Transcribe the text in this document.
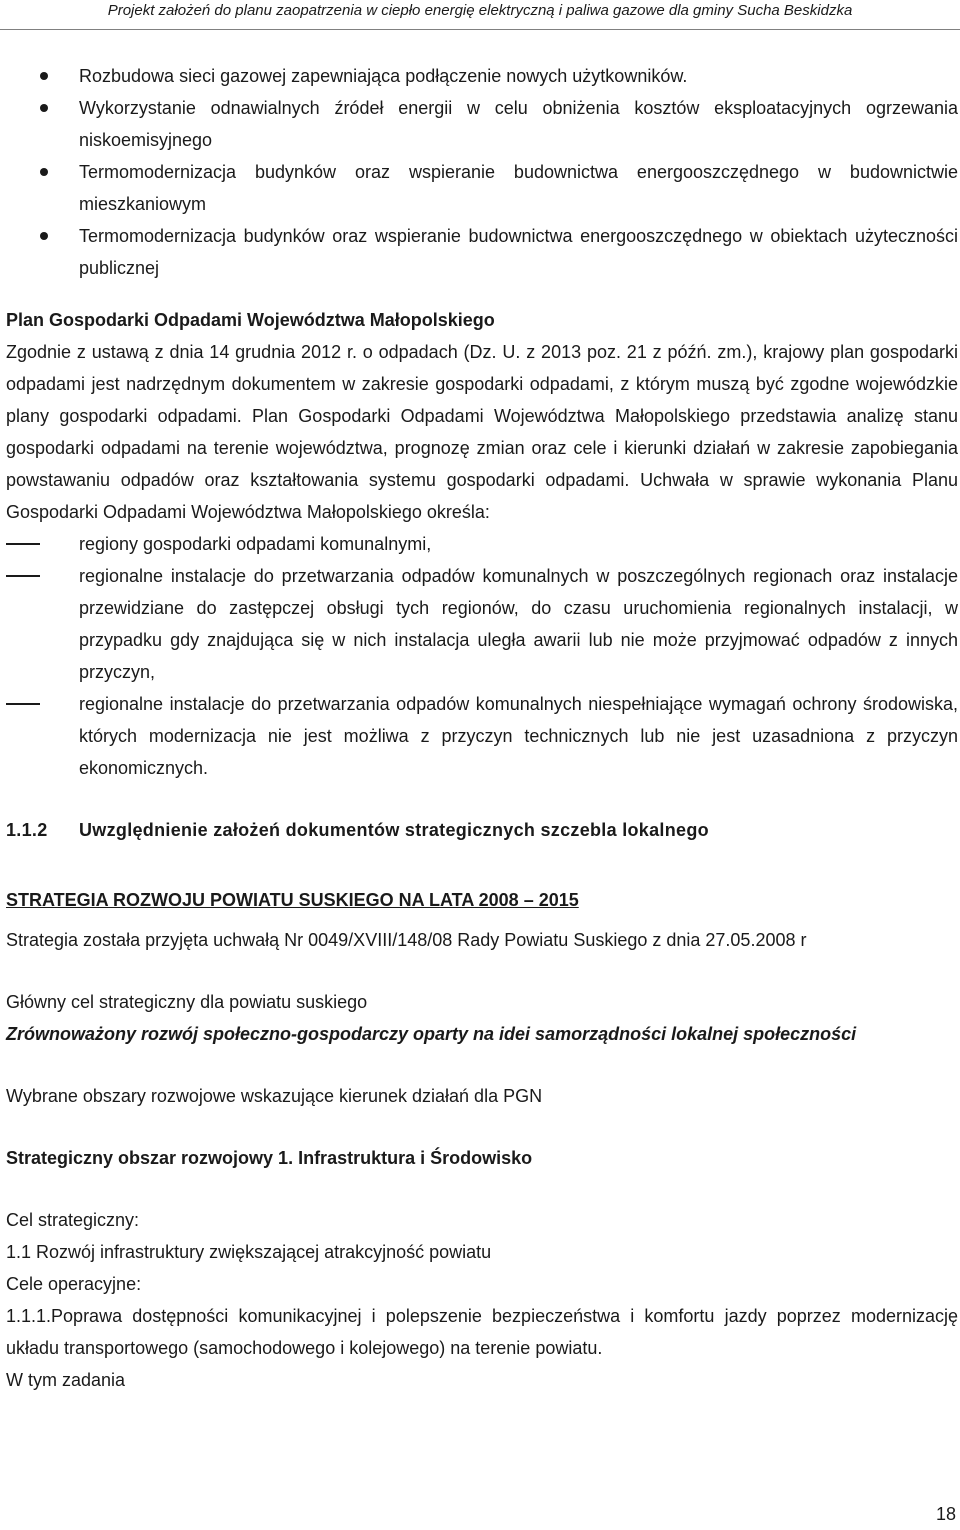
Projekt założeń do planu zaopatrzenia w ciepło energię elektryczną i paliwa gazowe dla gminy Sucha Beskidzka
Rozbudowa sieci gazowej zapewniająca podłączenie nowych użytkowników.
Wykorzystanie odnawialnych źródeł energii w celu obniżenia kosztów eksploatacyjnych ogrzewania niskoemisyjnego
Termomodernizacja budynków oraz wspieranie budownictwa energooszczędnego w budownictwie mieszkaniowym
Termomodernizacja budynków oraz wspieranie budownictwa energooszczędnego w obiektach użyteczności publicznej

Plan Gospodarki Odpadami Województwa Małopolskiego

Zgodnie z ustawą z dnia 14 grudnia 2012 r. o odpadach (Dz. U. z 2013 poz. 21 z późń. zm.), krajowy plan gospodarki odpadami jest nadrzędnym dokumentem w zakresie gospodarki odpadami, z którym muszą być zgodne wojewódzkie plany gospodarki odpadami. Plan Gospodarki Odpadami Województwa Małopolskiego przedstawia analizę stanu gospodarki odpadami na terenie województwa, prognozę zmian oraz cele i kierunki działań w zakresie zapobiegania powstawaniu odpadów oraz kształtowania systemu gospodarki odpadami. Uchwała w sprawie wykonania Planu Gospodarki Odpadami Województwa Małopolskiego określa:

regiony gospodarki odpadami komunalnymi,
regionalne instalacje do przetwarzania odpadów komunalnych w poszczególnych regionach oraz instalacje przewidziane do zastępczej obsługi tych regionów, do czasu uruchomienia regionalnych instalacji, w przypadku gdy znajdująca się w nich instalacja uległa awarii lub nie może przyjmować odpadów z innych przyczyn,
regionalne instalacje do przetwarzania odpadów komunalnych niespełniające wymagań ochrony środowiska, których modernizacja nie jest możliwa z przyczyn technicznych lub nie jest uzasadniona z przyczyn ekonomicznych.

1.1.2 Uwzględnienie założeń dokumentów strategicznych szczebla lokalnego

STRATEGIA ROZWOJU POWIATU SUSKIEGO NA LATA 2008 – 2015

Strategia została przyjęta uchwałą Nr 0049/XVIII/148/08 Rady Powiatu Suskiego z dnia 27.05.2008 r

Główny cel strategiczny dla powiatu suskiego

Zrównoważony rozwój społeczno-gospodarczy oparty na idei samorządności lokalnej społeczności

Wybrane obszary rozwojowe wskazujące kierunek działań dla PGN

Strategiczny obszar rozwojowy 1. Infrastruktura i Środowisko

Cel strategiczny:

1.1 Rozwój infrastruktury zwiększającej atrakcyjność powiatu

Cele operacyjne:

1.1.1.Poprawa dostępności komunikacyjnej i polepszenie bezpieczeństwa i komfortu jazdy poprzez modernizację układu transportowego (samochodowego i kolejowego) na terenie powiatu.

W tym zadania

18
